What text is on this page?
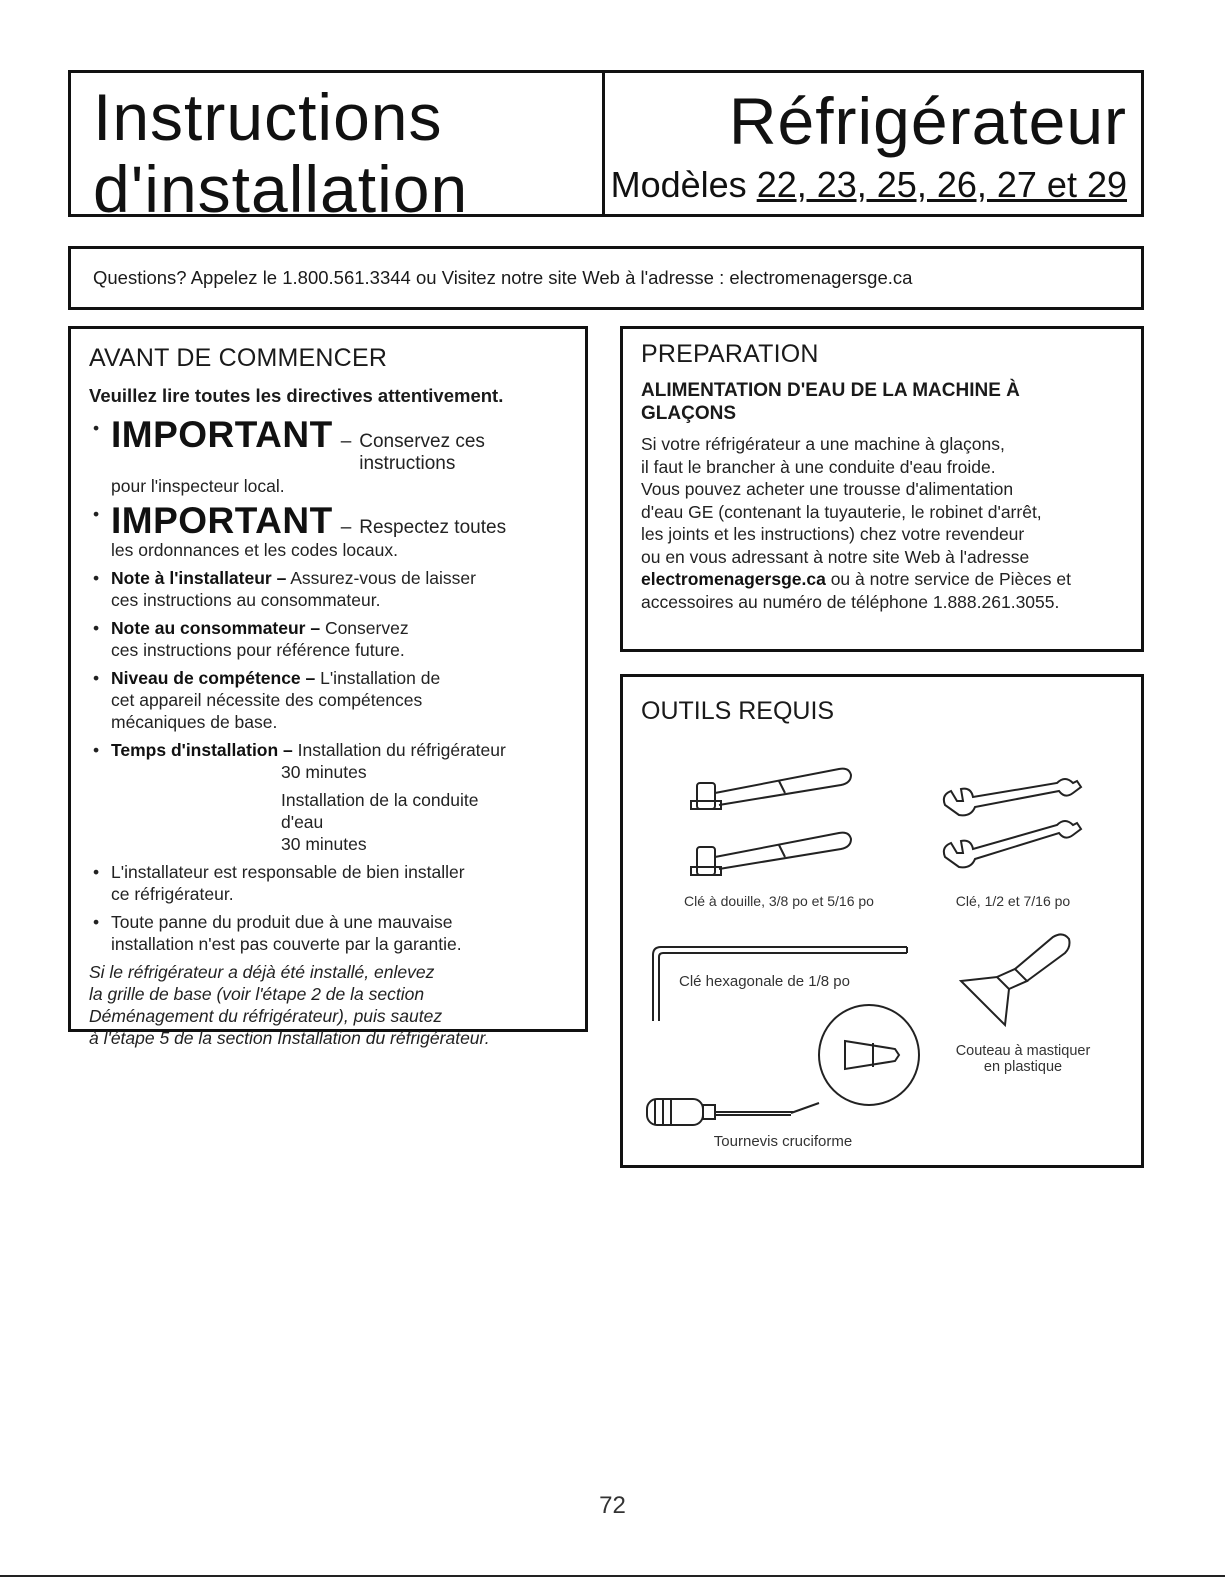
Instructions
d'installation
Réfrigérateur
Modèles 22, 23, 25, 26, 27 et 29
Questions? Appelez le 1.800.561.3344 ou Visitez notre site Web à l'adresse : electromenagersge.ca
AVANT DE COMMENCER
Veuillez lire toutes les directives attentivement.
• IMPORTANT – Conservez ces instructions
pour l'inspecteur local.
• IMPORTANT – Respectez toutes
les ordonnances et les codes locaux.
• Note à l'installateur – Assurez-vous de laisser
ces instructions au consommateur.
• Note au consommateur – Conservez
ces instructions pour référence future.
• Niveau de compétence – L'installation de
cet appareil nécessite des compétences
mécaniques de base.
• Temps d'installation – Installation du réfrigérateur
30 minutes
Installation de la conduite
d'eau
30 minutes
• L'installateur est responsable de bien installer
ce réfrigérateur.
• Toute panne du produit due à une mauvaise
installation n'est pas couverte par la garantie.
Si le réfrigérateur a déjà été installé, enlevez
la grille de base (voir l'étape 2 de la section
Déménagement du réfrigérateur), puis sautez
à l'étape 5 de la section Installation du réfrigérateur.
PREPARATION
ALIMENTATION D'EAU DE LA MACHINE À
GLAÇONS
Si votre réfrigérateur a une machine à glaçons,
il faut le brancher à une conduite d'eau froide.
Vous pouvez acheter une trousse d'alimentation
d'eau GE (contenant la tuyauterie, le robinet d'arrêt,
les joints et les instructions) chez votre revendeur
ou en vous adressant à notre site Web à l'adresse
electromenagersge.ca ou à notre service de Pièces et
accessoires au numéro de téléphone 1.888.261.3055.
OUTILS REQUIS
Clé à douille, 3/8 po et 5/16 po	Clé, 1/2 et 7/16 po
Clé hexagonale de 1/8 po
Couteau à mastiquer
en plastique
Tournevis cruciforme
72
